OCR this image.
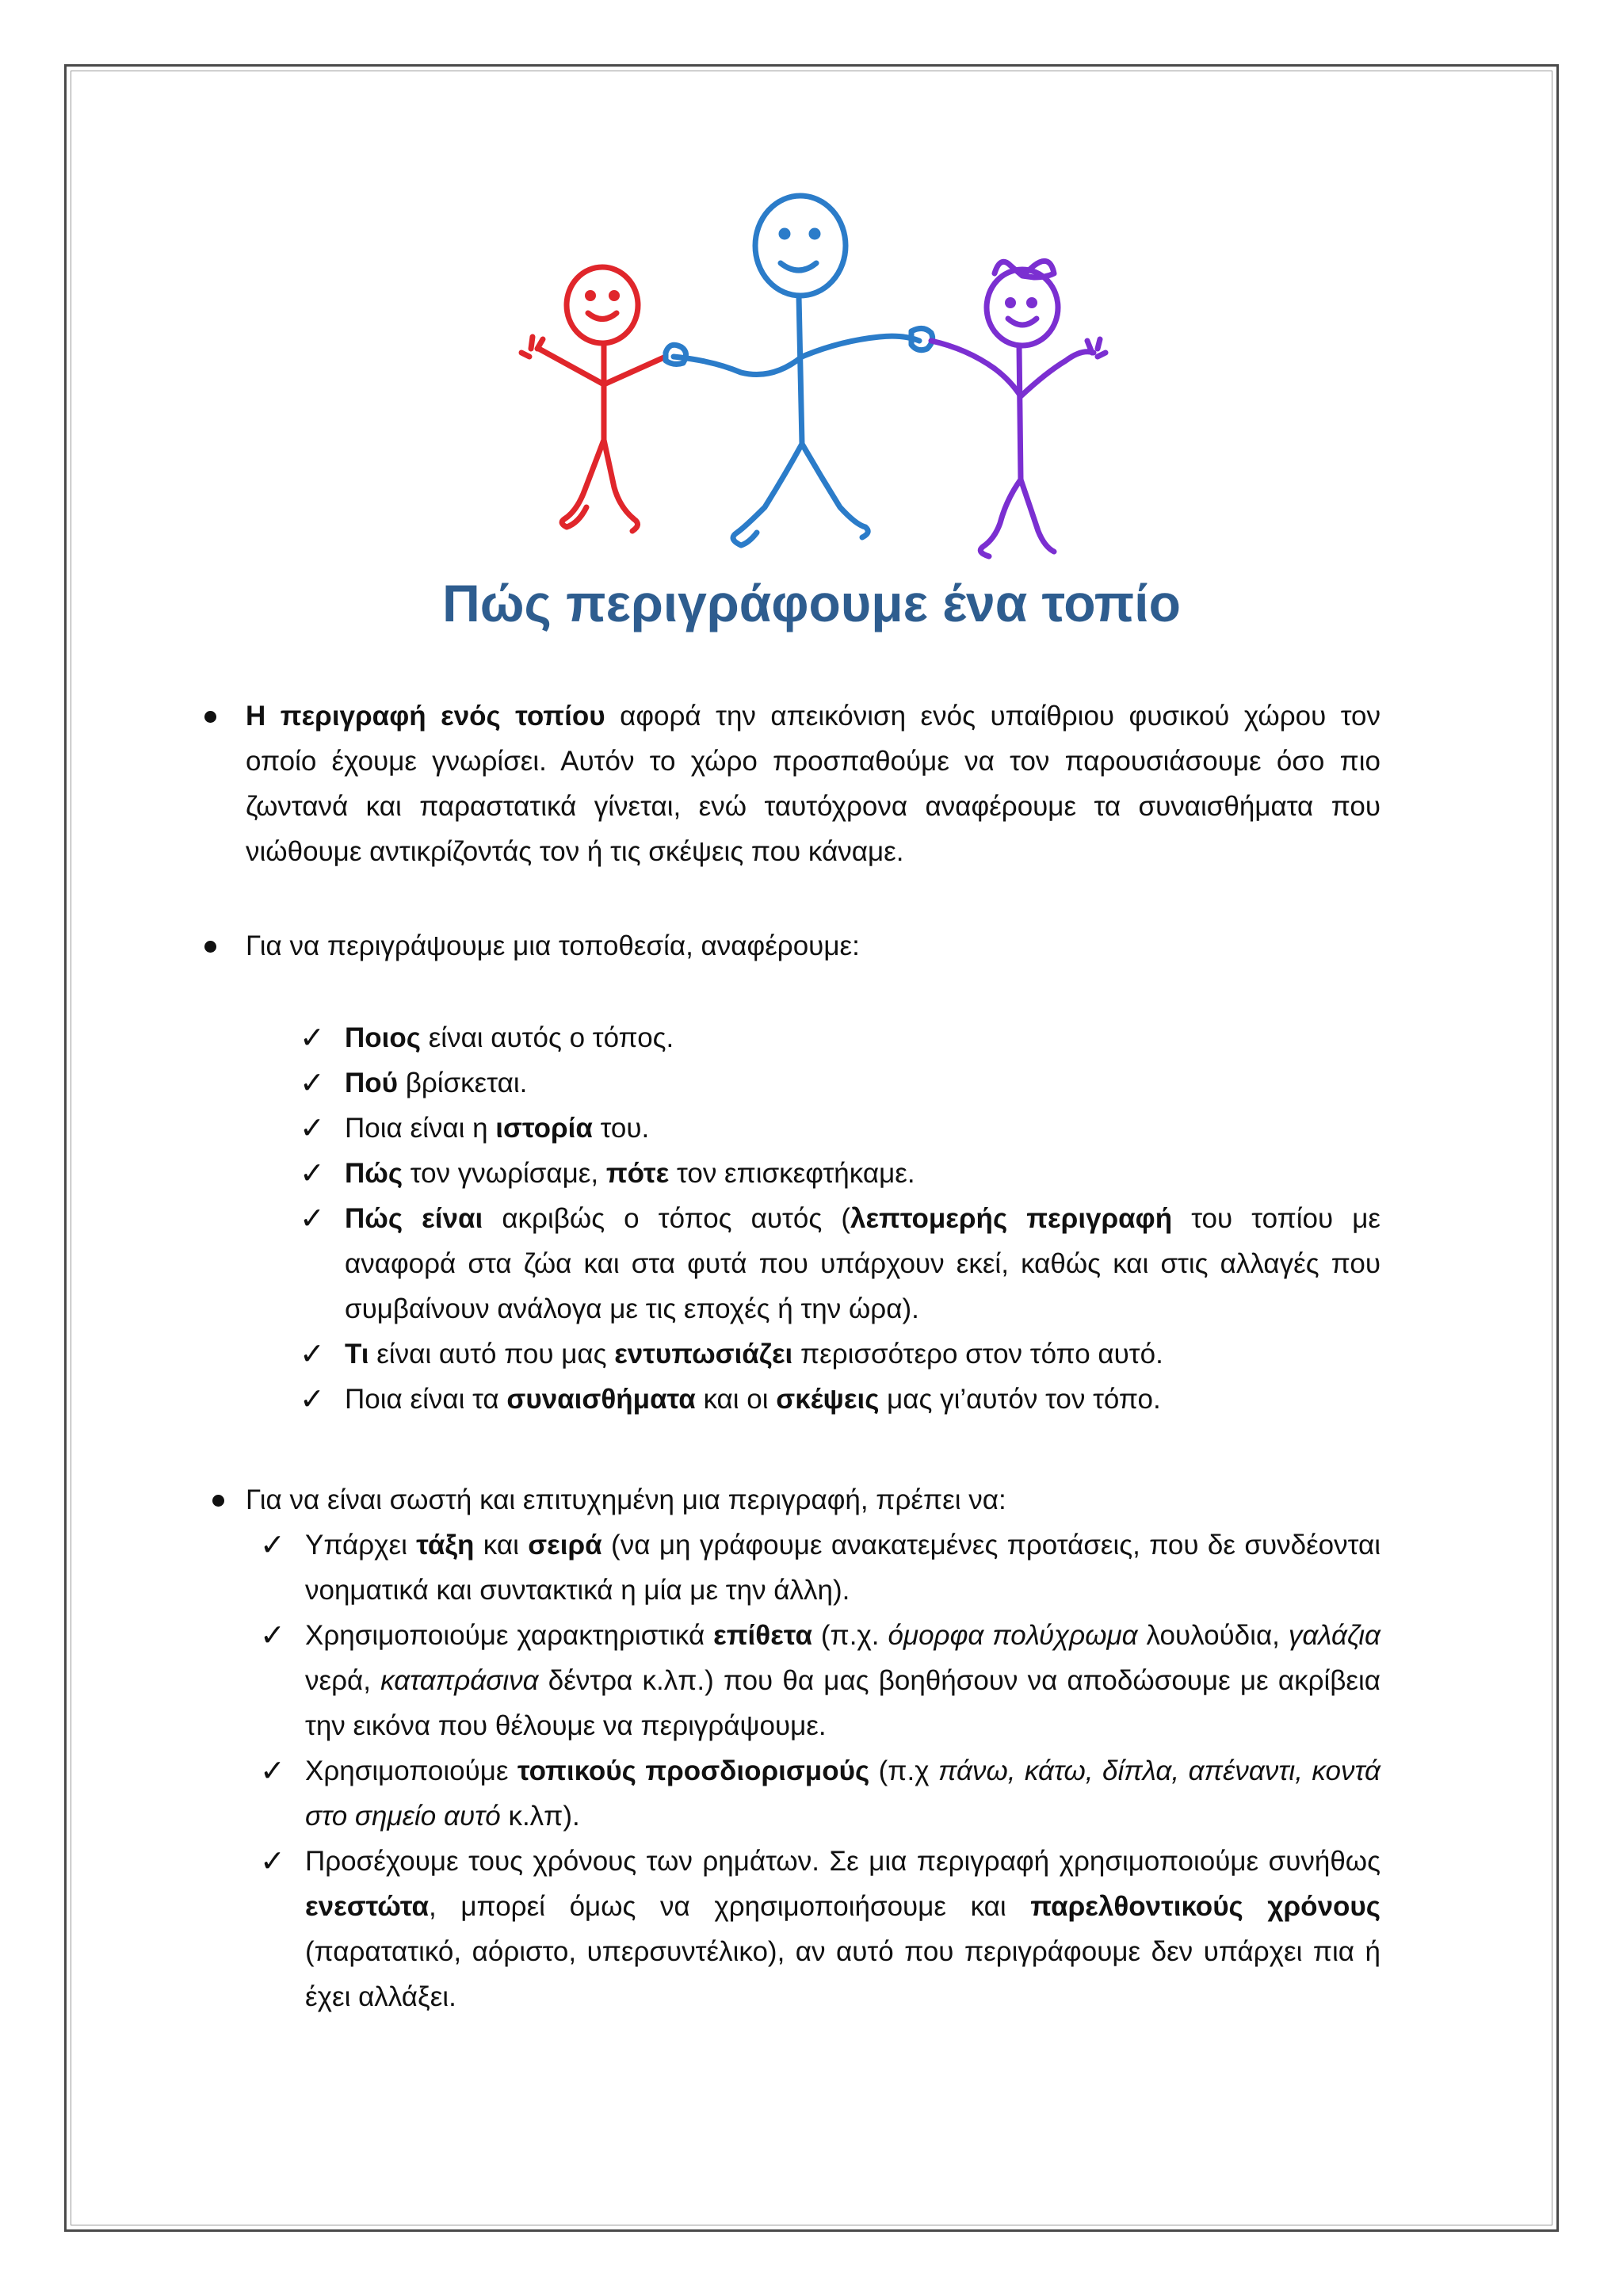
Πώς περιγράφουμε ένα τοπίο
Η περιγραφή ενός τοπίου αφορά την απεικόνιση ενός υπαίθριου φυσικού χώρου τον οποίο έχουμε γνωρίσει. Αυτόν το χώρο προσπαθούμε να τον παρουσιάσουμε όσο πιο ζωντανά και παραστατικά γίνεται, ενώ ταυτόχρονα αναφέρουμε τα συναισθήματα που νιώθουμε αντικρίζοντάς τον ή τις σκέψεις που κάναμε.
Για να περιγράψουμε μια τοποθεσία, αναφέρουμε:
✓ Ποιος είναι αυτός ο τόπος.
✓ Πού βρίσκεται.
✓ Ποια είναι η ιστορία του.
✓ Πώς τον γνωρίσαμε, πότε τον επισκεφτήκαμε.
✓ Πώς είναι ακριβώς ο τόπος αυτός (λεπτομερής περιγραφή του τοπίου με αναφορά στα ζώα και στα φυτά που υπάρχουν εκεί, καθώς και στις αλλαγές που συμβαίνουν ανάλογα με τις εποχές ή την ώρα).
✓ Τι είναι αυτό που μας εντυπωσιάζει περισσότερο στον τόπο αυτό.
✓ Ποια είναι τα συναισθήματα και οι σκέψεις μας γι’αυτόν τον τόπο.
Για να είναι σωστή και επιτυχημένη μια περιγραφή, πρέπει να:
✓ Υπάρχει τάξη και σειρά (να μη γράφουμε ανακατεμένες προτάσεις, που δε συνδέονται νοηματικά και συντακτικά η μία με την άλλη).
✓ Χρησιμοποιούμε χαρακτηριστικά επίθετα (π.χ. όμορφα πολύχρωμα λουλούδια, γαλάζια νερά, καταπράσινα δέντρα κ.λπ.) που θα μας βοηθήσουν να αποδώσουμε με ακρίβεια την εικόνα που θέλουμε να περιγράψουμε.
✓ Χρησιμοποιούμε τοπικούς προσδιορισμούς (π.χ πάνω, κάτω, δίπλα, απέναντι, κοντά στο σημείο αυτό κ.λπ).
✓ Προσέχουμε τους χρόνους των ρημάτων. Σε μια περιγραφή χρησιμοποιούμε συνήθως ενεστώτα, μπορεί όμως να χρησιμοποιήσουμε και παρελθοντικούς χρόνους (παρατατικό, αόριστο, υπερσυντέλικο), αν αυτό που περιγράφουμε δεν υπάρχει πια ή έχει αλλάξει.
